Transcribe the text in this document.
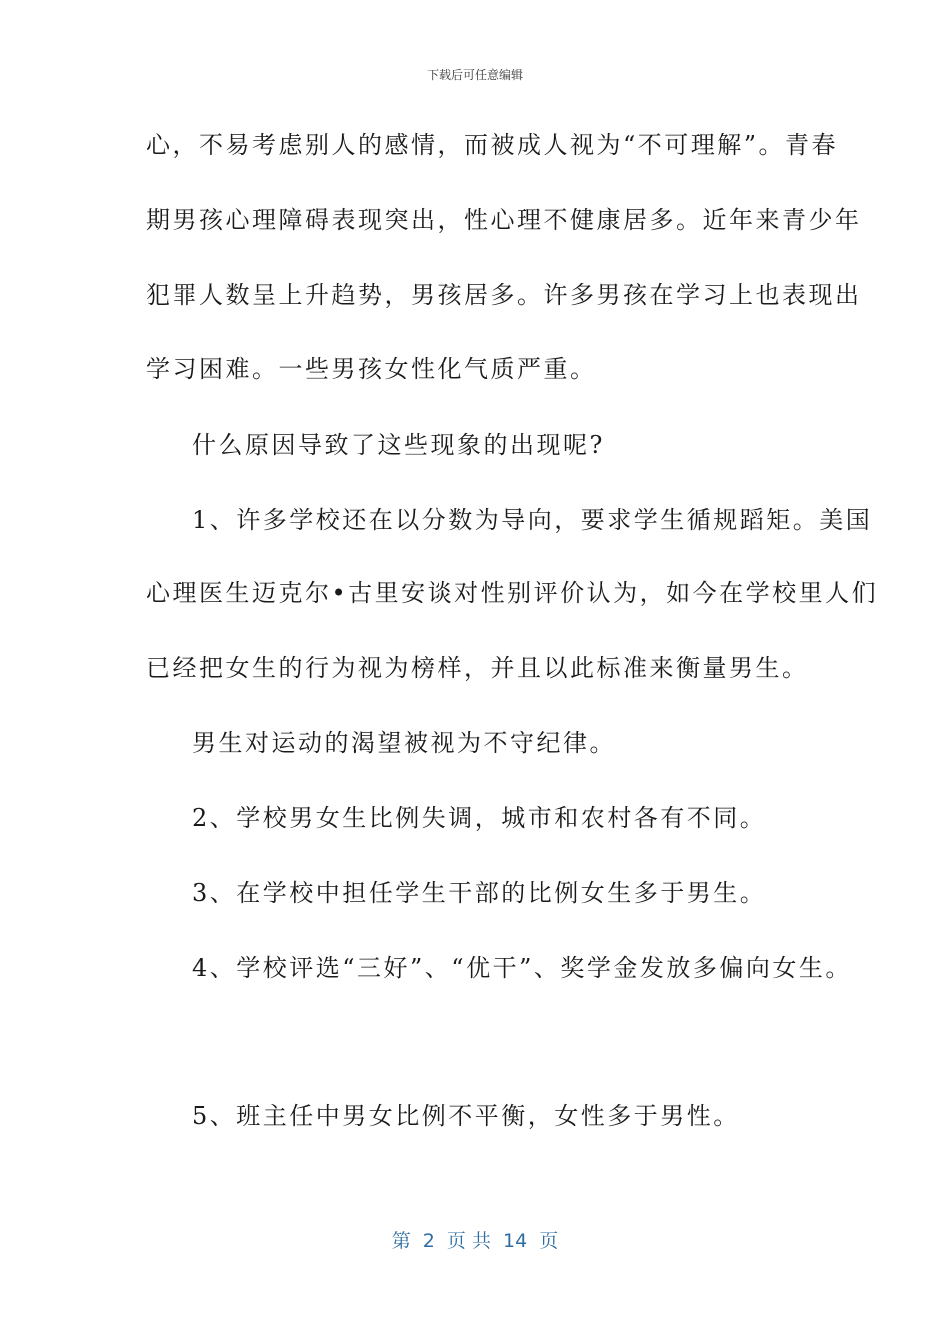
下载后可任意编辑
心，不易考虑别人的感情，而被成人视为“不可理解”。青春
期男孩心理障碍表现突出，性心理不健康居多。近年来青少年
犯罪人数呈上升趋势，男孩居多。许多男孩在学习上也表现出
学习困难。一些男孩女性化气质严重。
什么原因导致了这些现象的出现呢?
1、许多学校还在以分数为导向，要求学生循规蹈矩。美国
心理医生迈克尔•古里安谈对性别评价认为，如今在学校里人们
已经把女生的行为视为榜样，并且以此标准来衡量男生。
男生对运动的渴望被视为不守纪律。
2、学校男女生比例失调，城市和农村各有不同。
3、在学校中担任学生干部的比例女生多于男生。
4、学校评选“三好”、“优干”、奖学金发放多偏向女生。
5、班主任中男女比例不平衡，女性多于男性。
第  2  页 共  14  页
